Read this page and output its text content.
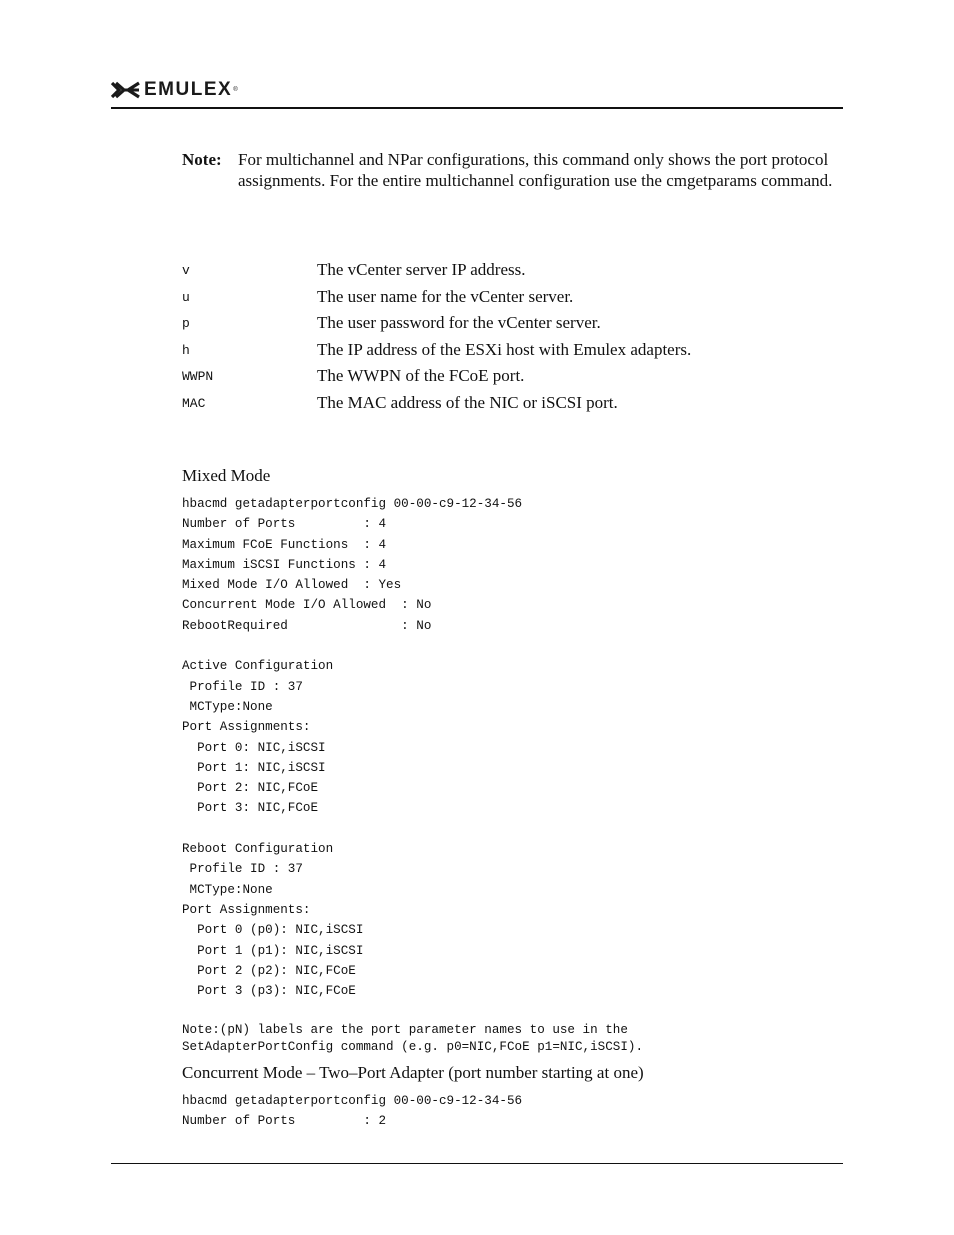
EMULEX ®
Note: For multichannel and NPar configurations, this command only shows the port protocol assignments. For the entire multichannel configuration use the cmgetparams command.
v	The vCenter server IP address.
u	The user name for the vCenter server.
p	The user password for the vCenter server.
h	The IP address of the ESXi host with Emulex adapters.
WWPN	The WWPN of the FCoE port.
MAC	The MAC address of the NIC or iSCSI port.
Mixed Mode
hbacmd getadapterportconfig 00-00-c9-12-34-56
Number of Ports         : 4
Maximum FCoE Functions  : 4
Maximum iSCSI Functions : 4
Mixed Mode I/O Allowed  : Yes
Concurrent Mode I/O Allowed  : No
RebootRequired               : No

Active Configuration
Profile ID : 37
MCType:None
Port Assignments:
Port 0: NIC,iSCSI
Port 1: NIC,iSCSI
Port 2: NIC,FCoE
Port 3: NIC,FCoE

Reboot Configuration
Profile ID : 37
MCType:None
Port Assignments:
Port 0 (p0): NIC,iSCSI
Port 1 (p1): NIC,iSCSI
Port 2 (p2): NIC,FCoE
Port 3 (p3): NIC,FCoE
Note:(pN) labels are the port parameter names to use in the
SetAdapterPortConfig command (e.g. p0=NIC,FCoE p1=NIC,iSCSI).
Concurrent Mode – Two–Port Adapter (port number starting at one)
hbacmd getadapterportconfig 00-00-c9-12-34-56
Number of Ports         : 2
